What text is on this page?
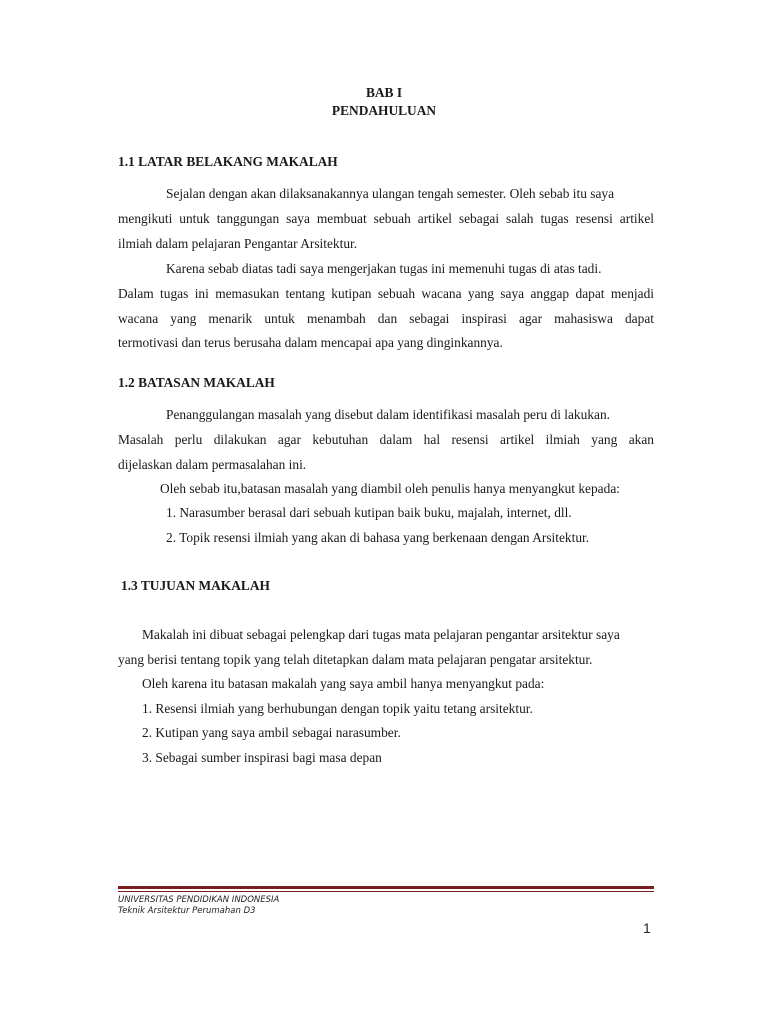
BAB I
PENDAHULUAN
1.1 LATAR BELAKANG MAKALAH
Sejalan dengan akan dilaksanakannya ulangan tengah semester. Oleh sebab itu saya
mengikuti untuk tanggungan saya membuat sebuah artikel sebagai salah tugas resensi artikel
ilmiah dalam pelajaran Pengantar Arsitektur.
Karena sebab diatas tadi saya mengerjakan tugas ini memenuhi tugas di atas tadi.
Dalam tugas ini memasukan tentang kutipan sebuah wacana yang saya anggap dapat menjadi
wacana yang menarik untuk menambah dan sebagai inspirasi agar mahasiswa dapat
termotivasi dan terus berusaha dalam mencapai apa yang dinginkannya.
1.2 BATASAN MAKALAH
Penanggulangan masalah yang disebut dalam identifikasi masalah peru di lakukan.
Masalah perlu dilakukan agar kebutuhan dalam hal resensi artikel ilmiah yang akan
dijelaskan dalam permasalahan ini.
Oleh sebab itu,batasan masalah yang diambil oleh penulis hanya menyangkut kepada:
1. Narasumber berasal dari sebuah kutipan baik buku, majalah, internet, dll.
2. Topik resensi ilmiah yang akan di bahasa yang berkenaan dengan Arsitektur.
1.3 TUJUAN MAKALAH
Makalah ini dibuat sebagai pelengkap dari tugas mata pelajaran pengantar arsitektur saya
yang berisi tentang topik yang telah ditetapkan dalam mata pelajaran pengatar arsitektur.
Oleh karena itu batasan makalah yang saya ambil hanya menyangkut pada:
1. Resensi ilmiah yang berhubungan dengan topik yaitu tetang arsitektur.
2. Kutipan yang saya ambil sebagai narasumber.
3. Sebagai sumber inspirasi bagi masa depan
UNIVERSITAS PENDIDIKAN INDONESIA
Teknik Arsitektur Perumahan D3
1
